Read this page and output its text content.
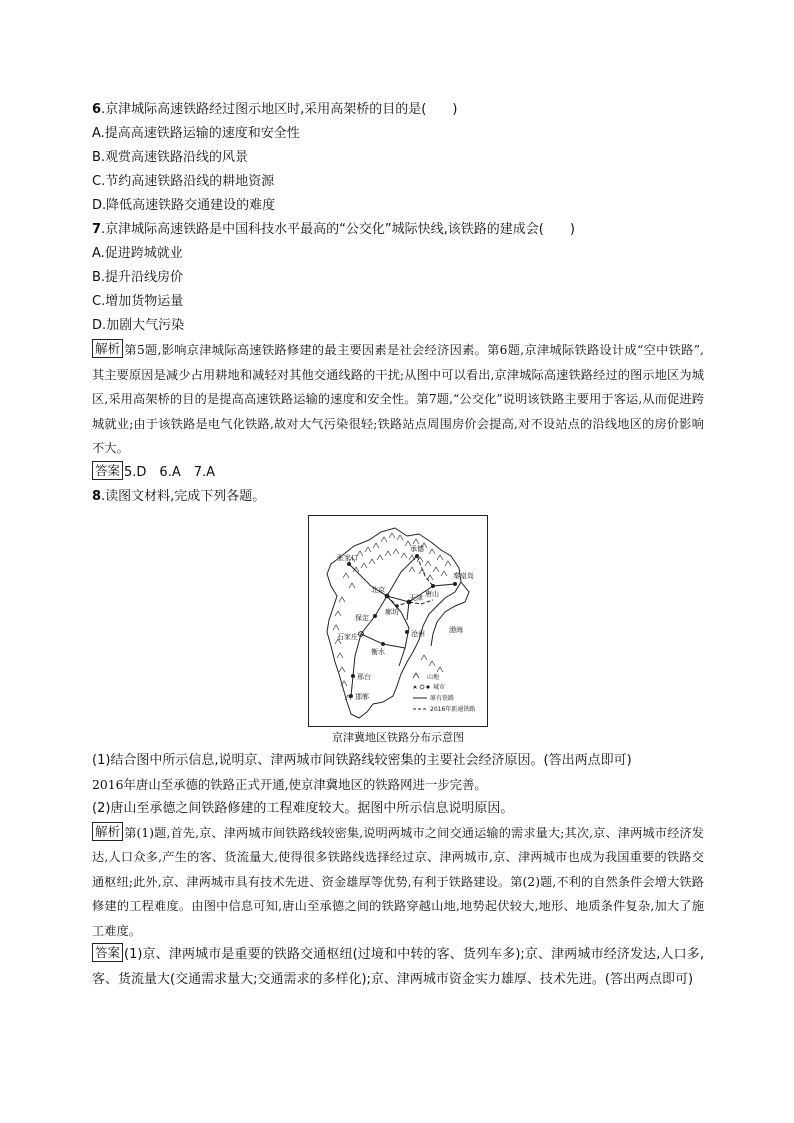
6.京津城际高速铁路经过图示地区时,采用高架桥的目的是(　　)
A.提高高速铁路运输的速度和安全性
B.观赏高速铁路沿线的风景
C.节约高速铁路沿线的耕地资源
D.降低高速铁路交通建设的难度
7.京津城际高速铁路是中国科技水平最高的“公交化”城际快线,该铁路的建成会(　　)
A.促进跨城就业
B.提升沿线房价
C.增加货物运量
D.加剧大气污染
解析 第5题,影响京津城际高速铁路修建的最主要因素是社会经济因素。第6题,京津城际铁路设计成“空中铁路”,其主要原因是减少占用耕地和减轻对其他交通线路的干扰;从图中可以看出,京津城际高速铁路经过的图示地区为城区,采用高架桥的目的是提高高速铁路运输的速度和安全性。第7题,“公交化”说明该铁路主要用于客运,从而促进跨城就业;由于该铁路是电气化铁路,故对大气污染很轻;铁路站点周围房价会提高,对不设站点的沿线地区的房价影响不大。
答案 5.D　6.A　7.A
8.读图文材料,完成下列各题。
渤海
张家口
承德
北京
秦皇岛
唐山
廊坊
天津
保定
石家庄	沧州
衡水
邢台
邯郸
山地
城市
原有铁路
2016年新通铁路
京津冀地区铁路分布示意图
(1)结合图中所示信息,说明京、津两城市间铁路线较密集的主要社会经济原因。(答出两点即可)
2016年唐山至承德的铁路正式开通,使京津冀地区的铁路网进一步完善。
(2)唐山至承德之间铁路修建的工程难度较大。据图中所示信息说明原因。
解析 第(1)题,首先,京、津两城市间铁路线较密集,说明两城市之间交通运输的需求量大;其次,京、津两城市经济发达,人口众多,产生的客、货流量大,使得很多铁路线选择经过京、津两城市,京、津两城市也成为我国重要的铁路交通枢纽;此外,京、津两城市具有技术先进、资金雄厚等优势,有利于铁路建设。第(2)题,不利的自然条件会增大铁路修建的工程难度。由图中信息可知,唐山至承德之间的铁路穿越山地,地势起伏较大,地形、地质条件复杂,加大了施工难度。
答案 (1)京、津两城市是重要的铁路交通枢纽(过境和中转的客、货列车多);京、津两城市经济发达,人口多,客、货流量大(交通需求量大;交通需求的多样化);京、津两城市资金实力雄厚、技术先进。(答出两点即可)
